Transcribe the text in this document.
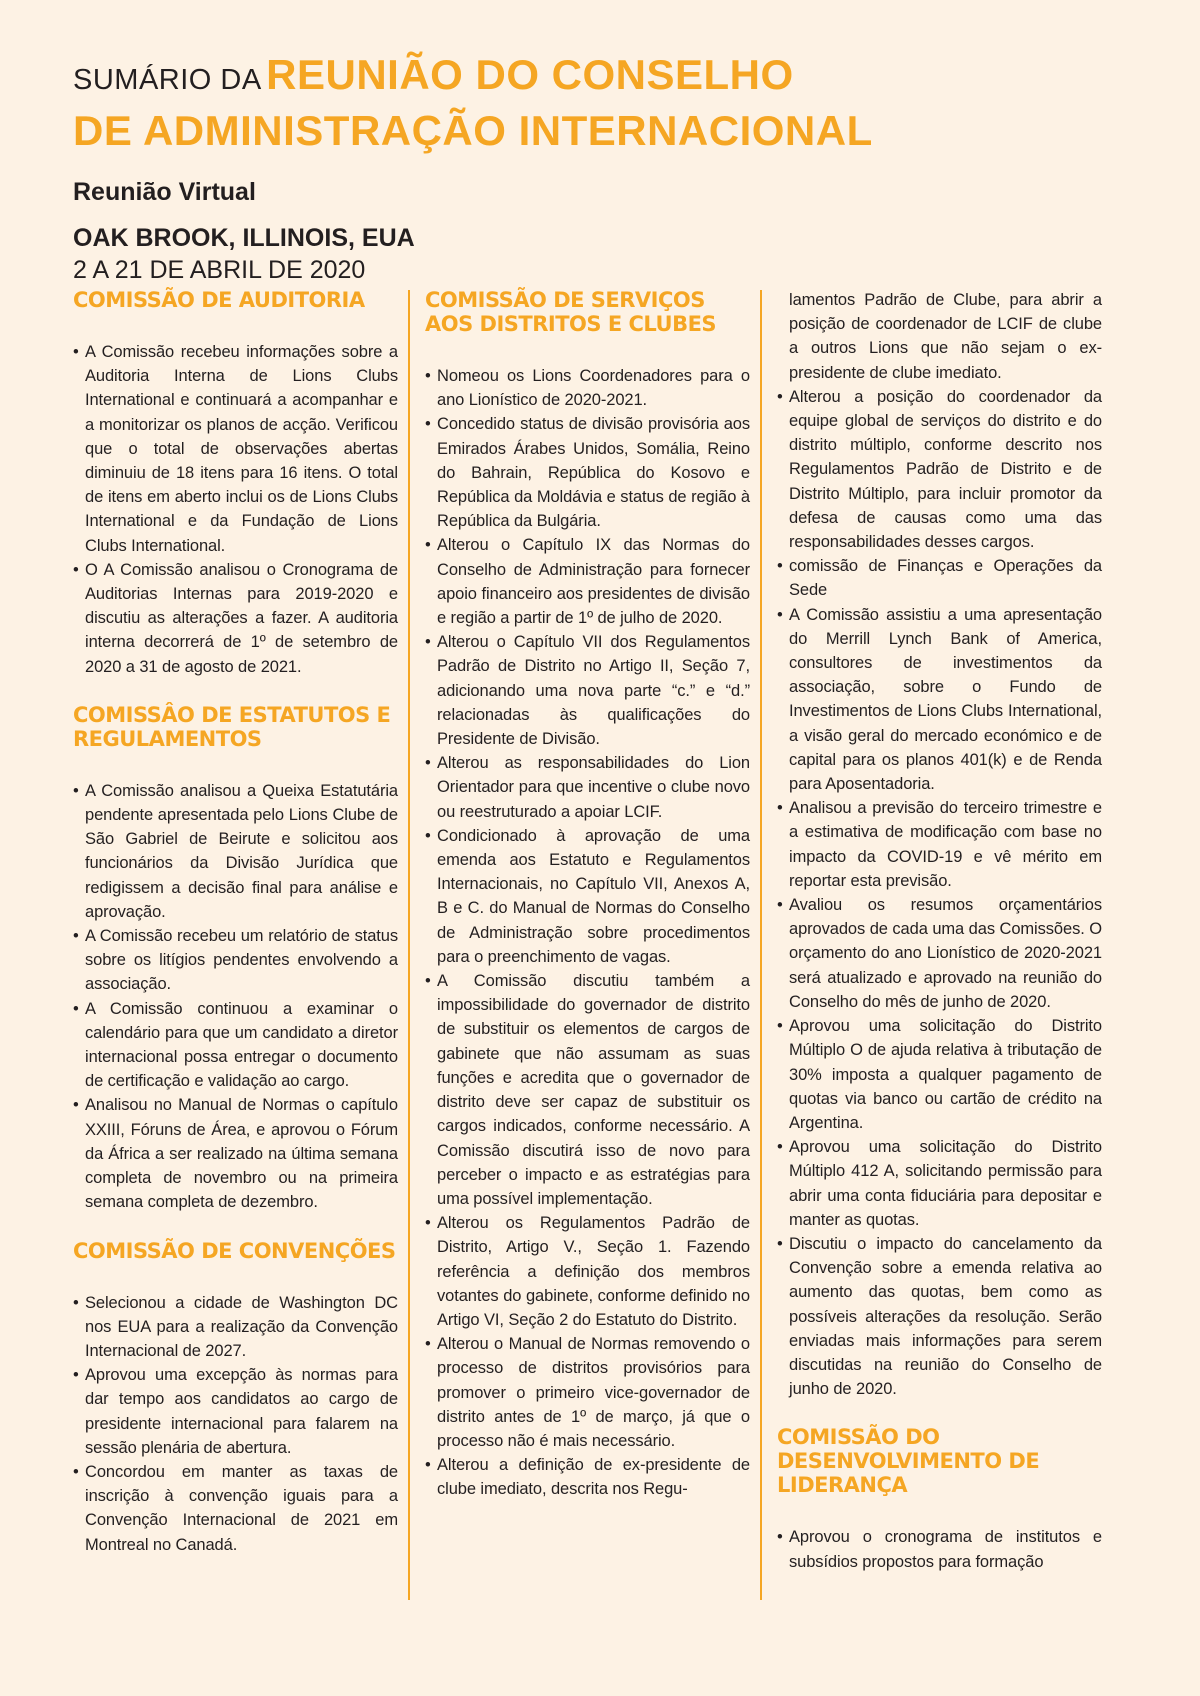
SUMÁRIO DA REUNIÃO DO CONSELHO
DE ADMINISTRAÇÃO INTERNACIONAL
Reunião Virtual
OAK BROOK, ILLINOIS, EUA
2 A 21 DE ABRIL DE 2020
COMISSÃO DE AUDITORIA
• A Comissão recebeu informações sobre a Auditoria Interna de Lions Clubs International e continuará a acompanhar e a monitorizar os planos de acção. Verificou que o total de observações abertas diminuiu de 18 itens para 16 itens. O total de itens em aberto inclui os de Lions Clubs International e da Fundação de Lions Clubs International.
• O A Comissão analisou o Cronograma de Auditorias Internas para 2019-2020 e discutiu as alterações a fazer. A auditoria interna decorrerá de 1º de setembro de 2020 a 31 de agosto de 2021.
COMISSÂO DE ESTATUTOS E REGULAMENTOS
• A Comissão analisou a Queixa Estatutária pendente apresentada pelo Lions Clube de São Gabriel de Beirute e solicitou aos funcionários da Divisão Jurídica que redigissem a decisão final para análise e aprovação.
• A Comissão recebeu um relatório de status sobre os litígios pendentes envolvendo a associação.
• A Comissão continuou a examinar o calendário para que um candidato a diretor internacional possa entregar o documento de certificação e validação ao cargo.
• Analisou no Manual de Normas o capítulo XXIII, Fóruns de Área, e aprovou o Fórum da África a ser realizado na última semana completa de novembro ou na primeira semana completa de dezembro.
COMISSÃO DE CONVENÇÕES
• Selecionou a cidade de Washington DC nos EUA para a realização da Convenção Internacional de 2027.
• Aprovou uma excepção às normas para dar tempo aos candidatos ao cargo de presidente internacional para falarem na sessão plenária de abertura.
• Concordou em manter as taxas de inscrição à convenção iguais para a Convenção Internacional de 2021 em Montreal no Canadá.
COMISSÃO DE SERVIÇOS AOS DISTRITOS E CLUBES
• Nomeou os Lions Coordenadores para o ano Lionístico de 2020-2021.
• Concedido status de divisão provisória aos Emirados Árabes Unidos, Somália, Reino do Bahrain, República do Kosovo e República da Moldávia e status de região à República da Bulgária.
• Alterou o Capítulo IX das Normas do Conselho de Administração para fornecer apoio financeiro aos presidentes de divisão e região a partir de 1º de julho de 2020.
• Alterou o Capítulo VII dos Regulamentos Padrão de Distrito no Artigo II, Seção 7, adicionando uma nova parte “c.” e “d.” relacionadas às qualificações do Presidente de Divisão.
• Alterou as responsabilidades do Lion Orientador para que incentive o clube novo ou reestruturado a apoiar LCIF.
• Condicionado à aprovação de uma emenda aos Estatuto e Regulamentos Internacionais, no Capítulo VII, Anexos A, B e C. do Manual de Normas do Conselho de Administração sobre procedimentos para o preenchimento de vagas.
• A Comissão discutiu também a impossibilidade do governador de distrito de substituir os elementos de cargos de gabinete que não assumam as suas funções e acredita que o governador de distrito deve ser capaz de substituir os cargos indicados, conforme necessário. A Comissão discutirá isso de novo para perceber o impacto e as estratégias para uma possível implementação.
• Alterou os Regulamentos Padrão de Distrito, Artigo V., Seção 1. Fazendo referência a definição dos membros votantes do gabinete, conforme definido no Artigo VI, Seção 2 do Estatuto do Distrito.
• Alterou o Manual de Normas removendo o processo de distritos provisórios para promover o primeiro vice-governador de distrito antes de 1º de março, já que o processo não é mais necessário.
• Alterou a definição de ex-presidente de clube imediato, descrita nos Regu-
lamentos Padrão de Clube, para abrir a posição de coordenador de LCIF de clube a outros Lions que não sejam o ex-presidente de clube imediato.
• Alterou a posição do coordenador da equipe global de serviços do distrito e do distrito múltiplo, conforme descrito nos Regulamentos Padrão de Distrito e de Distrito Múltiplo, para incluir promotor da defesa de causas como uma das responsabilidades desses cargos.
• comissão de Finanças e Operações da Sede
• A Comissão assistiu a uma apresentação do Merrill Lynch Bank of America, consultores de investimentos da associação, sobre o Fundo de Investimentos de Lions Clubs International, a visão geral do mercado económico e de capital para os planos 401(k) e de Renda para Aposentadoria.
• Analisou a previsão do terceiro trimestre e a estimativa de modificação com base no impacto da COVID-19 e vê mérito em reportar esta previsão.
• Avaliou os resumos orçamentários aprovados de cada uma das Comissões. O orçamento do ano Lionístico de 2020-2021 será atualizado e aprovado na reunião do Conselho do mês de junho de 2020.
• Aprovou uma solicitação do Distrito Múltiplo O de ajuda relativa à tributação de 30% imposta a qualquer pagamento de quotas via banco ou cartão de crédito na Argentina.
• Aprovou uma solicitação do Distrito Múltiplo 412 A, solicitando permissão para abrir uma conta fiduciária para depositar e manter as quotas.
• Discutiu o impacto do cancelamento da Convenção sobre a emenda relativa ao aumento das quotas, bem como as possíveis alterações da resolução. Serão enviadas mais informações para serem discutidas na reunião do Conselho de junho de 2020.
COMISSÃO DO DESENVOLVIMENTO DE LIDERANÇA
• Aprovou o cronograma de institutos e subsídios propostos para formação
